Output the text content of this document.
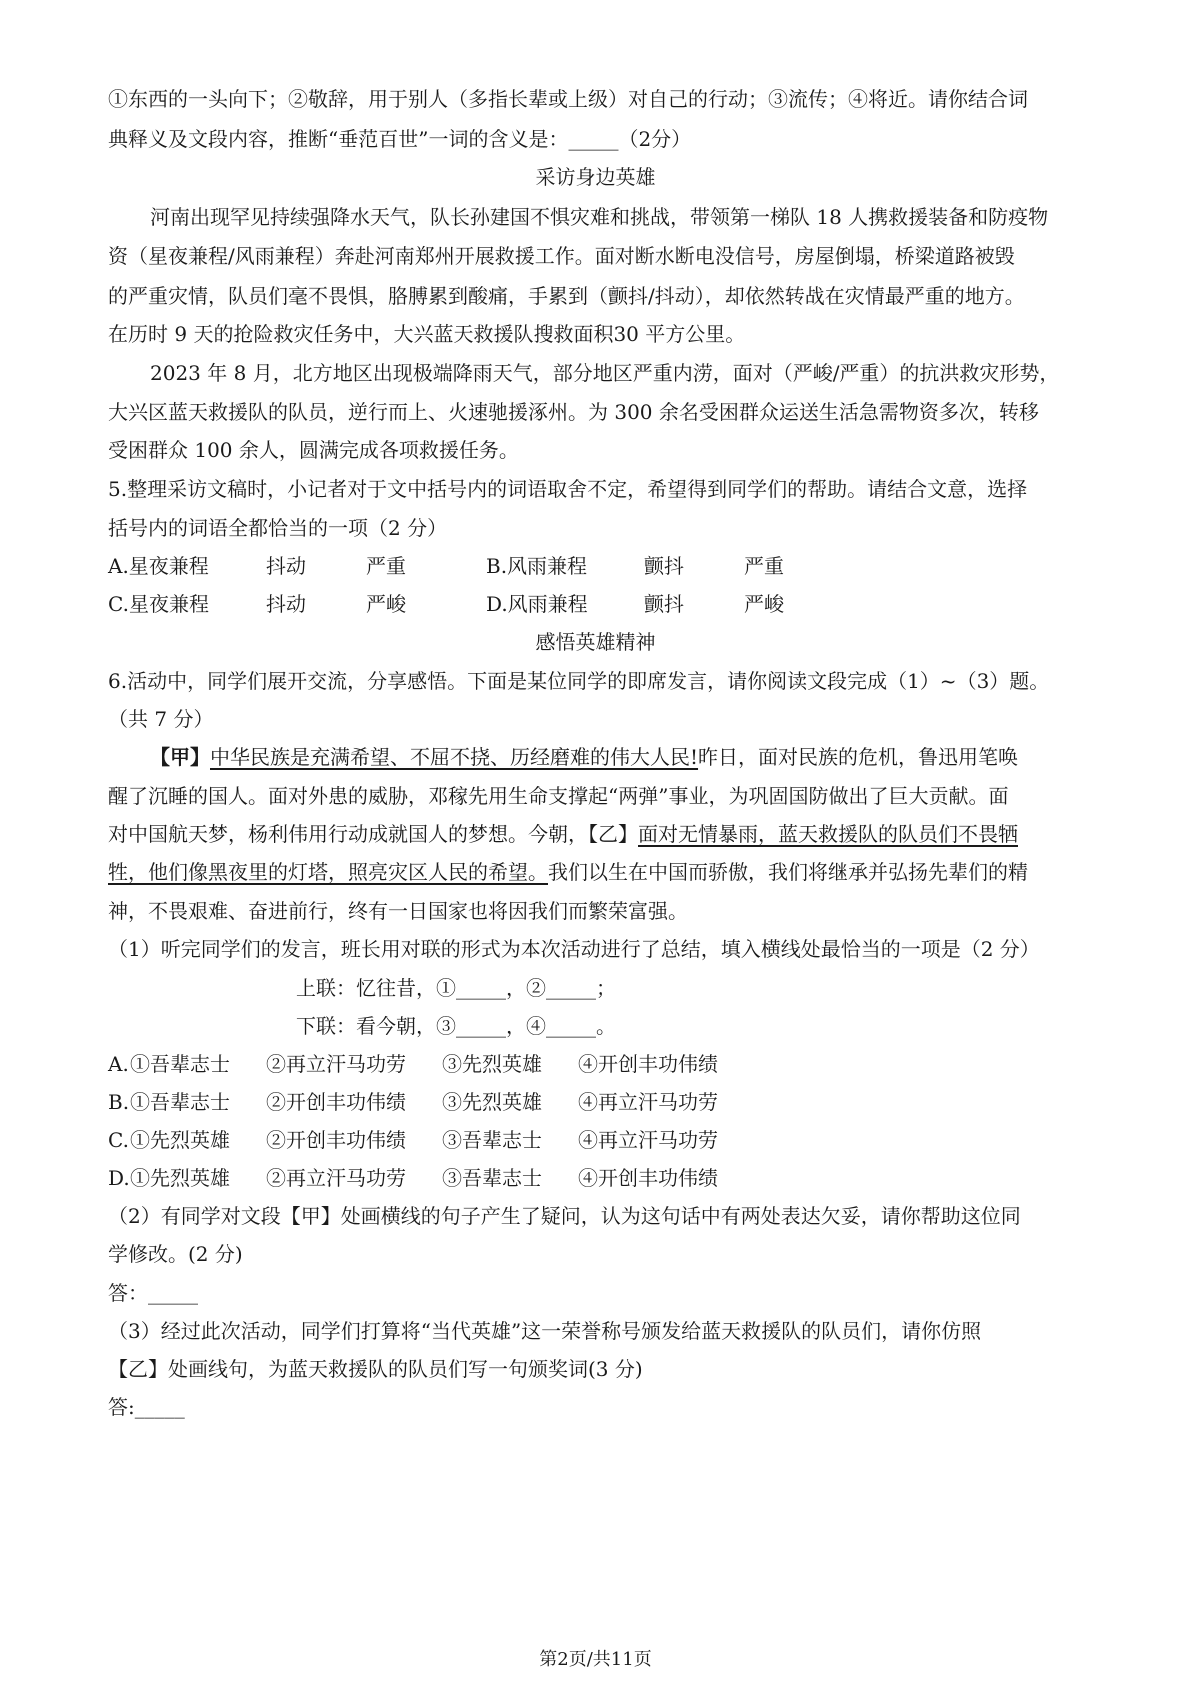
①东西的一头向下；②敬辞，用于别人（多指长辈或上级）对自己的行动；③流传；④将近。请你结合词
典释义及文段内容，推断“垂范百世”一词的含义是：_____（2分）
采访身边英雄
河南出现罕见持续强降水天气，队长孙建国不惧灾难和挑战，带领第一梯队 18 人携救援装备和防疫物
资（星夜兼程/风雨兼程）奔赴河南郑州开展救援工作。面对断水断电没信号，房屋倒塌，桥梁道路被毁
的严重灾情，队员们毫不畏惧，胳膊累到酸痛，手累到（颤抖/抖动），却依然转战在灾情最严重的地方。
在历时 9 天的抢险救灾任务中，大兴蓝天救援队搜救面积30 平方公里。
2023 年 8 月，北方地区出现极端降雨天气，部分地区严重内涝，面对（严峻/严重）的抗洪救灾形势，
大兴区蓝天救援队的队员，逆行而上、火速驰援涿州。为 300 余名受困群众运送生活急需物资多次，转移
受困群众 100 余人，圆满完成各项救援任务。
5.整理采访文稿时，小记者对于文中括号内的词语取舍不定，希望得到同学们的帮助。请结合文意，选择
括号内的词语全都恰当的一项（2 分）
A.星夜兼程	抖动	严重	B.风雨兼程	颤抖	严重
C.星夜兼程	抖动	严峻	D.风雨兼程	颤抖	严峻
感悟英雄精神
6.活动中，同学们展开交流，分享感悟。下面是某位同学的即席发言，请你阅读文段完成（1）~（3）题。
（共 7 分）
【甲】中华民族是充满希望、不屈不挠、历经磨难的伟大人民!昨日，面对民族的危机，鲁迅用笔唤
醒了沉睡的国人。面对外患的威胁，邓稼先用生命支撑起“两弹”事业，为巩固国防做出了巨大贡献。面
对中国航天梦，杨利伟用行动成就国人的梦想。今朝，【乙】面对无情暴雨，蓝天救援队的队员们不畏牺
牲，他们像黑夜里的灯塔，照亮灾区人民的希望。我们以生在中国而骄傲，我们将继承并弘扬先辈们的精
神，不畏艰难、奋进前行，终有一日国家也将因我们而繁荣富强。
（1）听完同学们的发言，班长用对联的形式为本次活动进行了总结，填入横线处最恰当的一项是（2 分）
上联：忆往昔，①_____，②_____；
下联：看今朝，③_____，④_____。
A. ①吾辈志士 ②再立汗马功劳 ③先烈英雄 ④开创丰功伟绩
B. ①吾辈志士 ②开创丰功伟绩 ③先烈英雄 ④再立汗马功劳
C. ①先烈英雄 ②开创丰功伟绩 ③吾辈志士 ④再立汗马功劳
D. ①先烈英雄 ②再立汗马功劳 ③吾辈志士 ④开创丰功伟绩
（2）有同学对文段【甲】处画横线的句子产生了疑问，认为这句话中有两处表达欠妥，请你帮助这位同
学修改。(2 分)
答：_____
（3）经过此次活动，同学们打算将“当代英雄”这一荣誉称号颁发给蓝天救援队的队员们，请你仿照
【乙】处画线句，为蓝天救援队的队员们写一句颁奖词(3 分)
答:_____
第2页/共11页
